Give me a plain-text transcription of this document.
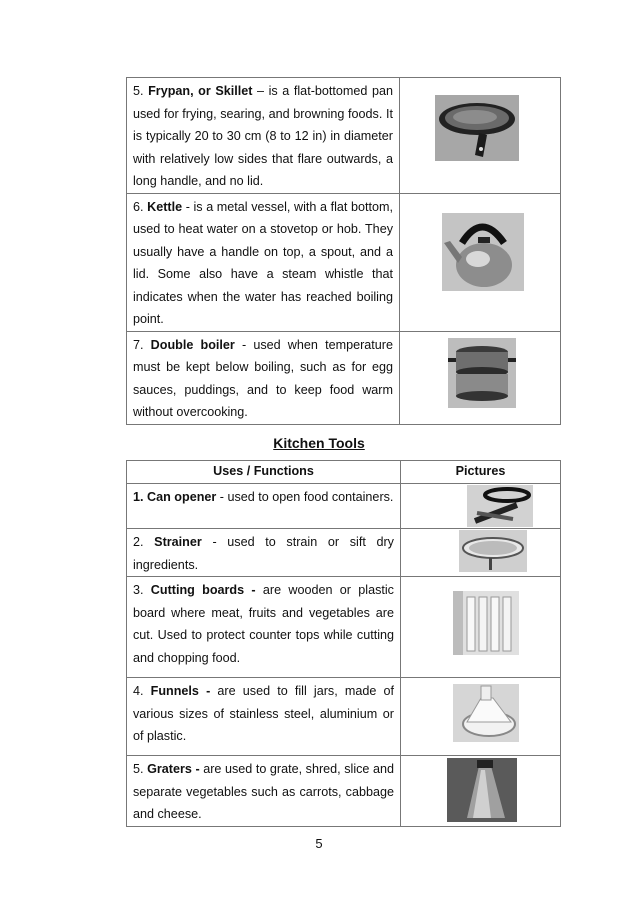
5. Frypan, or Skillet – is a flat-bottomed pan used for frying, searing, and browning foods. It is typically 20 to 30 cm (8 to 12 in) in diameter with relatively low sides that flare outwards, a long handle, and no lid.	

6. Kettle - is a metal vessel, with a flat bottom, used to heat water on a stovetop or hob. They usually have a handle on top, a spout, and a lid. Some also have a steam whistle that indicates when the water has reached boiling point.	

7. Double boiler - used when temperature must be kept below boiling, such as for egg sauces, puddings, and to keep food warm without overcooking.	
Kitchen Tools
Uses / Functions	Pictures
1. Can opener - used to open food containers.	

2. Strainer - used to strain or sift dry ingredients.	

3. Cutting boards - are wooden or plastic board where meat, fruits and vegetables are cut. Used to protect counter tops while cutting and chopping food.	

4. Funnels - are used to fill jars, made of various sizes of stainless steel, aluminium or of plastic.	

5. Graters - are used to grate, shred, slice and separate vegetables such as carrots, cabbage and cheese.	
5
